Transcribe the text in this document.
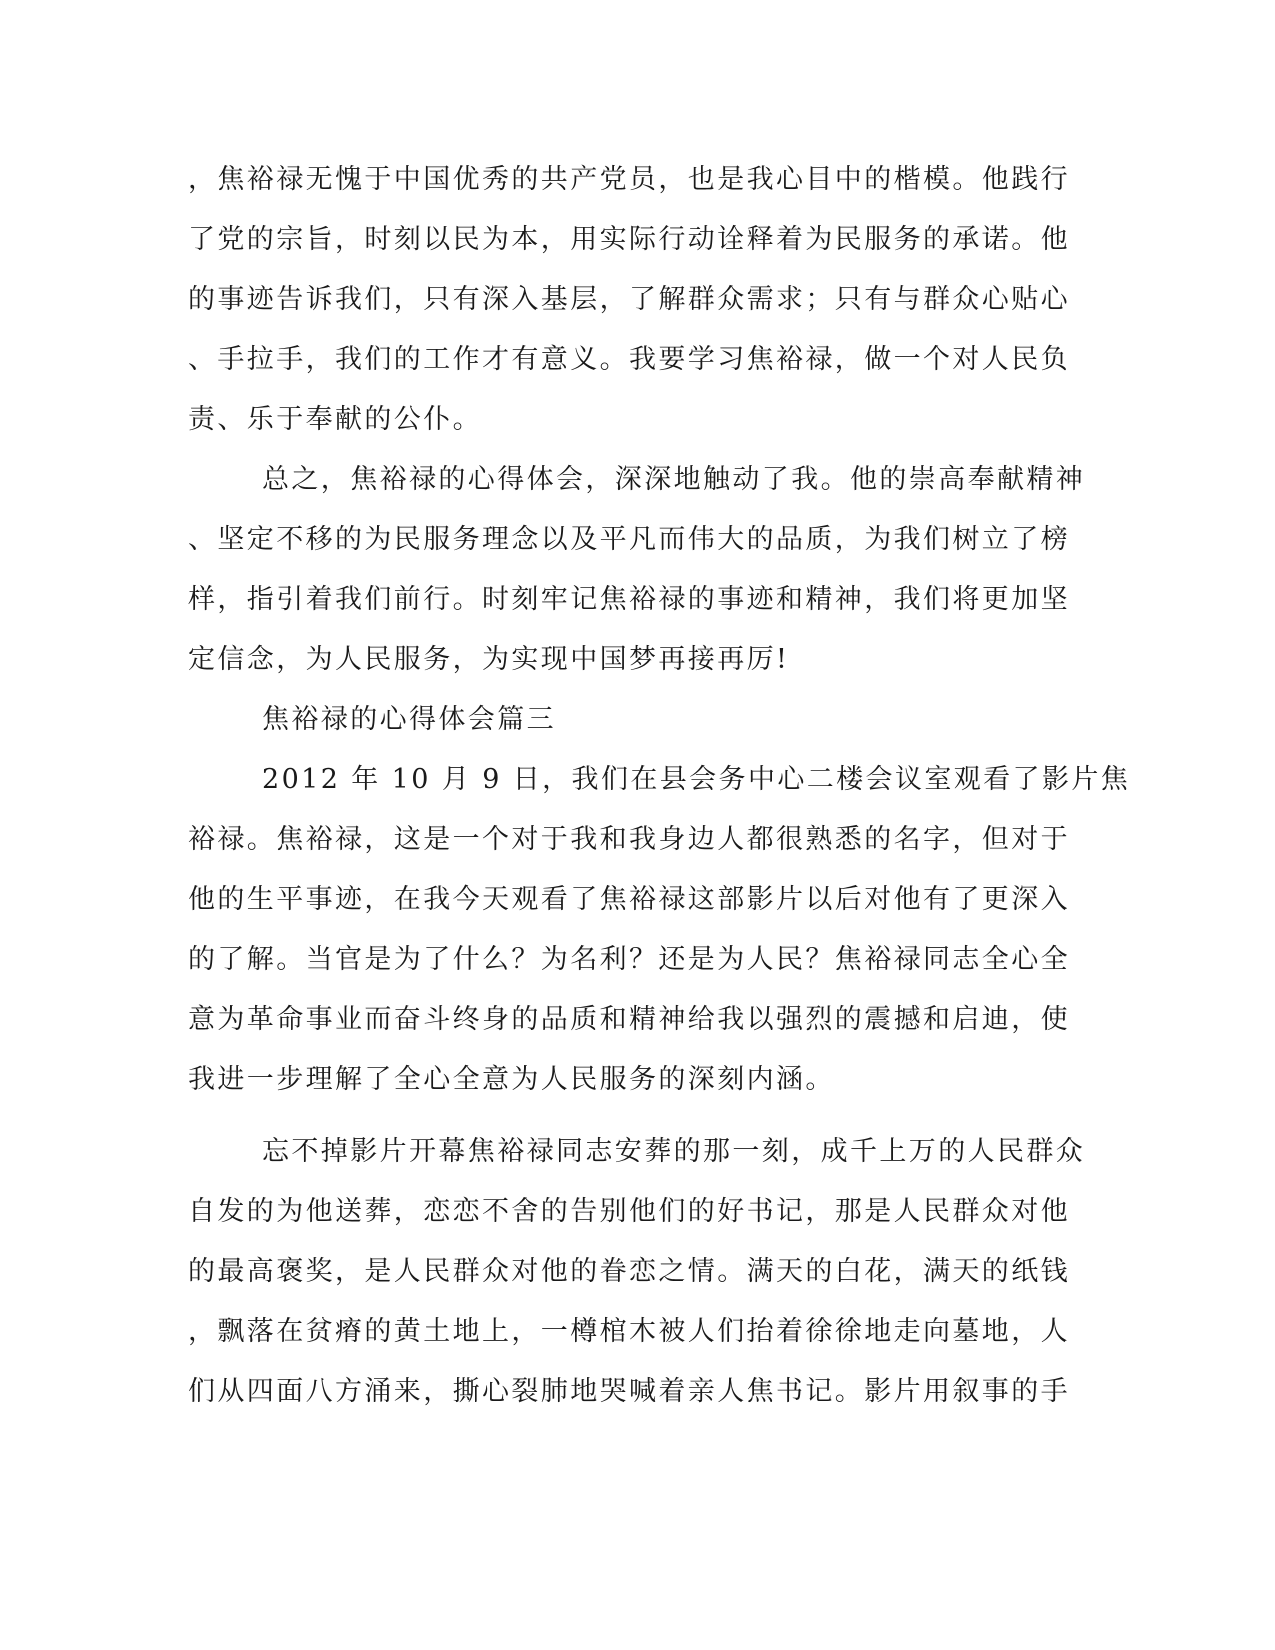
，焦裕禄无愧于中国优秀的共产党员，也是我心目中的楷模。他践行
了党的宗旨，时刻以民为本，用实际行动诠释着为民服务的承诺。他
的事迹告诉我们，只有深入基层，了解群众需求；只有与群众心贴心
、手拉手，我们的工作才有意义。我要学习焦裕禄，做一个对人民负
责、乐于奉献的公仆。
总之，焦裕禄的心得体会，深深地触动了我。他的崇高奉献精神
、坚定不移的为民服务理念以及平凡而伟大的品质，为我们树立了榜
样，指引着我们前行。时刻牢记焦裕禄的事迹和精神，我们将更加坚
定信念，为人民服务，为实现中国梦再接再厉!
焦裕禄的心得体会篇三
2012 年 10 月 9 日，我们在县会务中心二楼会议室观看了影片焦
裕禄。焦裕禄，这是一个对于我和我身边人都很熟悉的名字，但对于
他的生平事迹，在我今天观看了焦裕禄这部影片以后对他有了更深入
的了解。当官是为了什么？为名利？还是为人民？焦裕禄同志全心全
意为革命事业而奋斗终身的品质和精神给我以强烈的震撼和启迪，使
我进一步理解了全心全意为人民服务的深刻内涵。
忘不掉影片开幕焦裕禄同志安葬的那一刻，成千上万的人民群众
自发的为他送葬，恋恋不舍的告别他们的好书记，那是人民群众对他
的最高褒奖，是人民群众对他的眷恋之情。满天的白花，满天的纸钱
，飘落在贫瘠的黄土地上，一樽棺木被人们抬着徐徐地走向墓地，人
们从四面八方涌来，撕心裂肺地哭喊着亲人焦书记。影片用叙事的手
